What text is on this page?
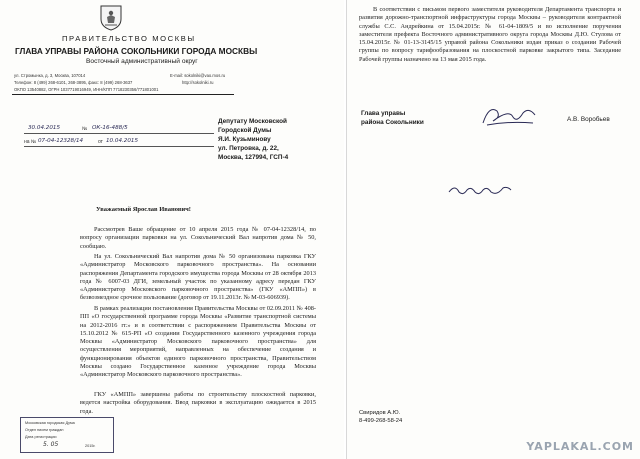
ПРАВИТЕЛЬСТВО МОСКВЫ
ГЛАВА УПРАВЫ РАЙОНА СОКОЛЬНИКИ ГОРОДА МОСКВЫ
Восточный административный округ
ул. Стромынка, д. 3, Москва, 107014	E-mail: sokolniki@vao.mos.ru
Телефон: 8 (499) 268-6101, 268-3895, факс: 8 (499) 268-3637	http://sokolniki.ru
ОКПО 13540882, ОГРН 1037719016949, ИНН/КПП 7718230356/771801001
30.04.2015	№ ОК-16-488/5
на № 07-04-12328/14	от 10.04.2015
Депутату Московской
Городской Думы
Я.И. Кузьминову
ул. Петровка, д. 22,
Москва, 127994, ГСП-4
Уважаемый Ярослав Иванович!

Рассмотрев Ваше обращение от 10 апреля 2015 года № 07-04-12328/14, по вопросу организации парковки на ул. Сокольнический Вал напротив дома № 50, сообщаю.

На ул. Сокольнический Вал напротив дома № 50 организована парковка ГКУ «Администратор Московского парковочного пространства». На основании распоряжения Департамента городского имущества города Москвы от 28 октября 2013 года № 6007-03 ДГИ, земельный участок по указанному адресу передан ГКУ «Администратор Московского парковочного пространства» (ГКУ «АМПП») в безвозмездное срочное пользование (договор от 19.11.2013г. № М-03-606939).

В рамках реализации постановления Правительства Москвы от 02.09.2011 № 408-ПП «О государственной программе города Москвы «Развитие транспортной системы на 2012-2016 гг.» и в соответствии с распоряжением Правительства Москвы от 15.10.2012 № 615-РП «О создании Государственного казенного учреждения города Москвы «Администратор Московского парковочного пространства» для осуществления мероприятий, направленных на обеспечение создания и функционирования объектов единого парковочного пространства, Правительством Москвы создано Государственное казенное учреждение города Москвы «Администратор Московского парковочного пространства».

ГКУ «АМПП» завершены работы по строительству плоскостной парковки, ведется настройка оборудования. Ввод парковки в эксплуатацию ожидается в 2015 года.

Московская городская Дума
Отдел писем граждан
Дата регистрации
5. 05	2015г.

В соответствии с письмом первого заместителя руководителя Департамента транспорта и развития дорожно-транспортной инфраструктуры города Москвы – руководителя контрактной службы С.С. Андрейкина от 15.04.2015г. № 61-04-1809/5 и во исполнение поручения заместителя префекта Восточного административного округа города Москвы Д.Ю. Стулова от 15.04.2015г. № 01-13-3145/15 управой района Сокольники издан приказ о создании Рабочей группы по вопросу тарифообразования на плоскостной парковке закрытого типа. Заседание Рабочей группы назначено на 13 мая 2015 года.

Глава управы
района Сокольники	А.В. Воробьев
Свиридов А.Ю.
8-499-268-58-24
YAPLAKAL.COM
